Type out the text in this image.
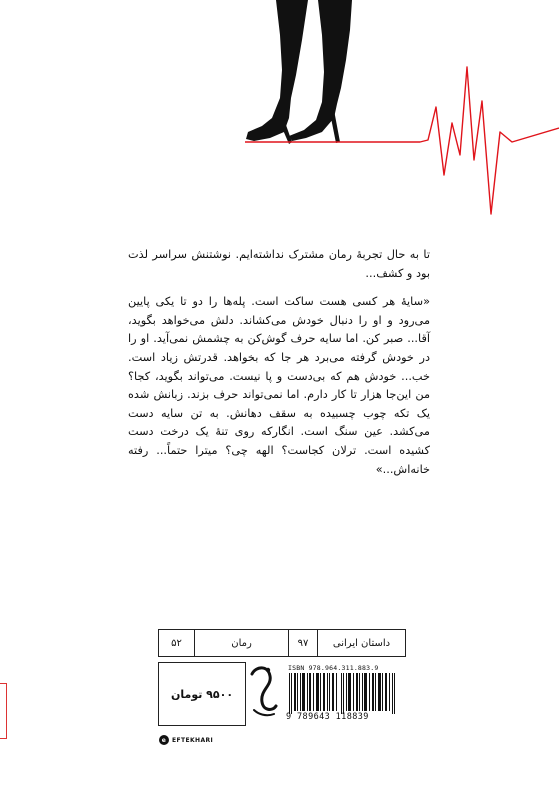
تا به حال تجربهٔ رمان مشترک نداشته‌ایم. نوشتنش سراسر لذت بود و کشف...

«سایهٔ هر کسی هست ساکت است. پله‌ها را دو تا یکی پایین می‌رود و او را دنبال خودش می‌کشاند. دلش می‌خواهد بگوید، آقا... صبر کن. اما سایه حرف گوش‌کن به چشمش نمی‌آید. او را در خودش گرفته می‌برد هر جا که بخواهد. قدرتش زیاد است. خب... خودش هم که بی‌دست و پا نیست. می‌تواند بگوید، کجا؟ من این‌جا هزار تا کار دارم. اما نمی‌تواند حرف بزند. زبانش شده یک تکه چوب چسبیده به سقف دهانش. به تن سایه دست می‌کشد. عین سنگ است. انگارکه روی تنهٔ یک درخت دست کشیده است. ترلان کجاست؟ الهه چی؟ میترا حتماً... رفته خانه‌اش...»

داستان ایرانی
۹۷
رمان
۵۲
۹۵۰۰ تومان
ISBN 978.964.311.883.9
9 789643 118839
e EFTEKHARI
